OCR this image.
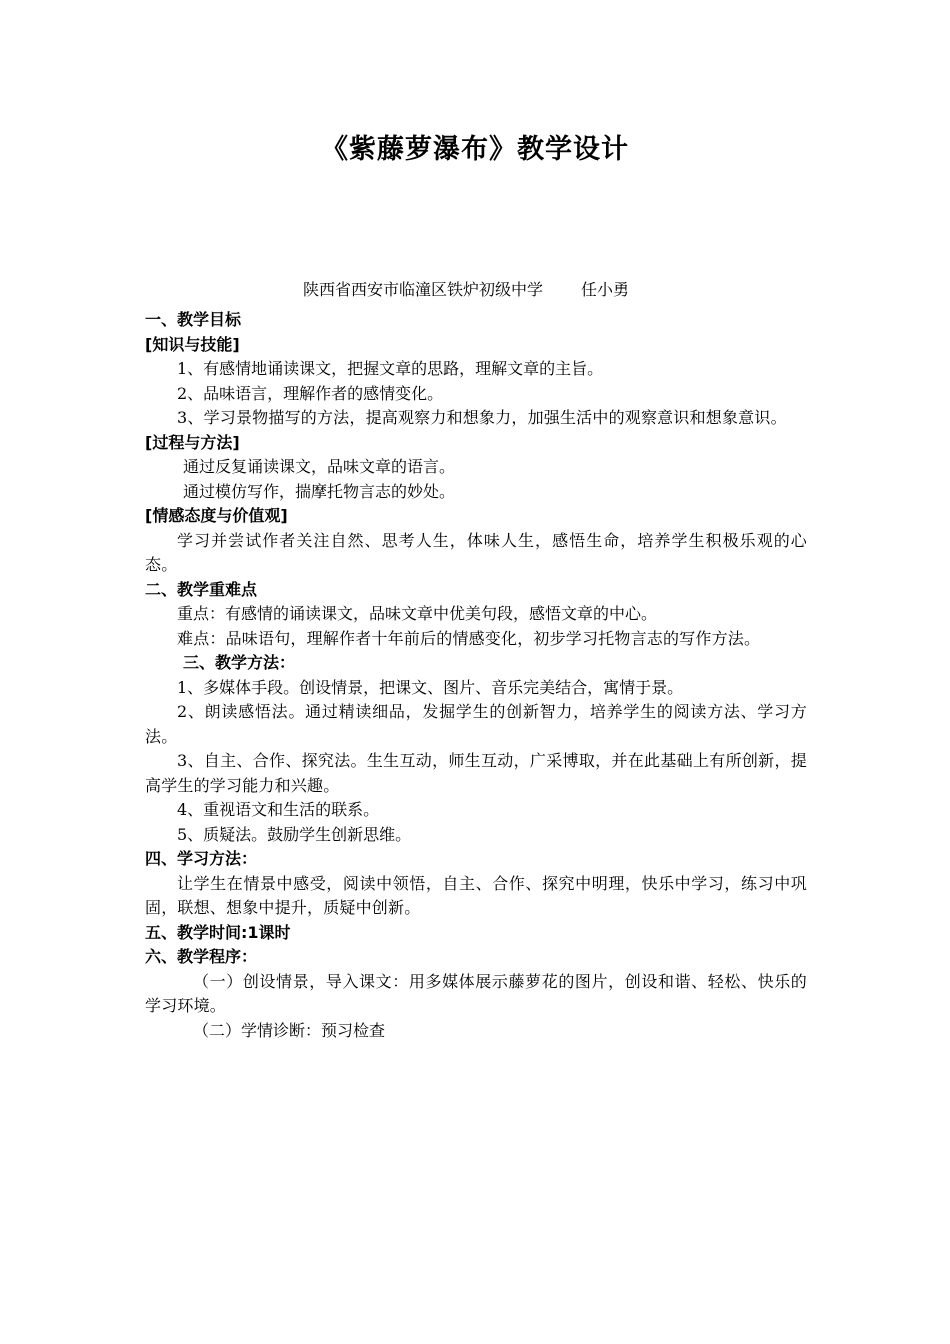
《紫藤萝瀑布》教学设计
陕西省西安市临潼区铁炉初级中学 任小勇

一、教学目标

[知识与技能]

1、有感情地诵读课文，把握文章的思路，理解文章的主旨。

2、品味语言，理解作者的感情变化。

3、学习景物描写的方法，提高观察力和想象力，加强生活中的观察意识和想象意识。

[过程与方法]

通过反复诵读课文，品味文章的语言。

通过模仿写作，揣摩托物言志的妙处。

[情感态度与价值观]

学习并尝试作者关注自然、思考人生，体味人生，感悟生命，培养学生积极乐观的心态。

二、教学重难点

重点：有感情的诵读课文，品味文章中优美句段，感悟文章的中心。

难点：品味语句，理解作者十年前后的情感变化，初步学习托物言志的写作方法。

三、教学方法：

1、多媒体手段。创设情景，把课文、图片、音乐完美结合，寓情于景。

2、朗读感悟法。通过精读细品，发掘学生的创新智力，培养学生的阅读方法、学习方法。

3、自主、合作、探究法。生生互动，师生互动，广采博取，并在此基础上有所创新，提高学生的学习能力和兴趣。

4、重视语文和生活的联系。

5、质疑法。鼓励学生创新思维。

四、学习方法：

让学生在情景中感受，阅读中领悟，自主、合作、探究中明理，快乐中学习，练习中巩固，联想、想象中提升，质疑中创新。

五、教学时间:1课时

六、教学程序：

（一）创设情景，导入课文：用多媒体展示藤萝花的图片，创设和谐、轻松、快乐的学习环境。

（二）学情诊断：预习检查
